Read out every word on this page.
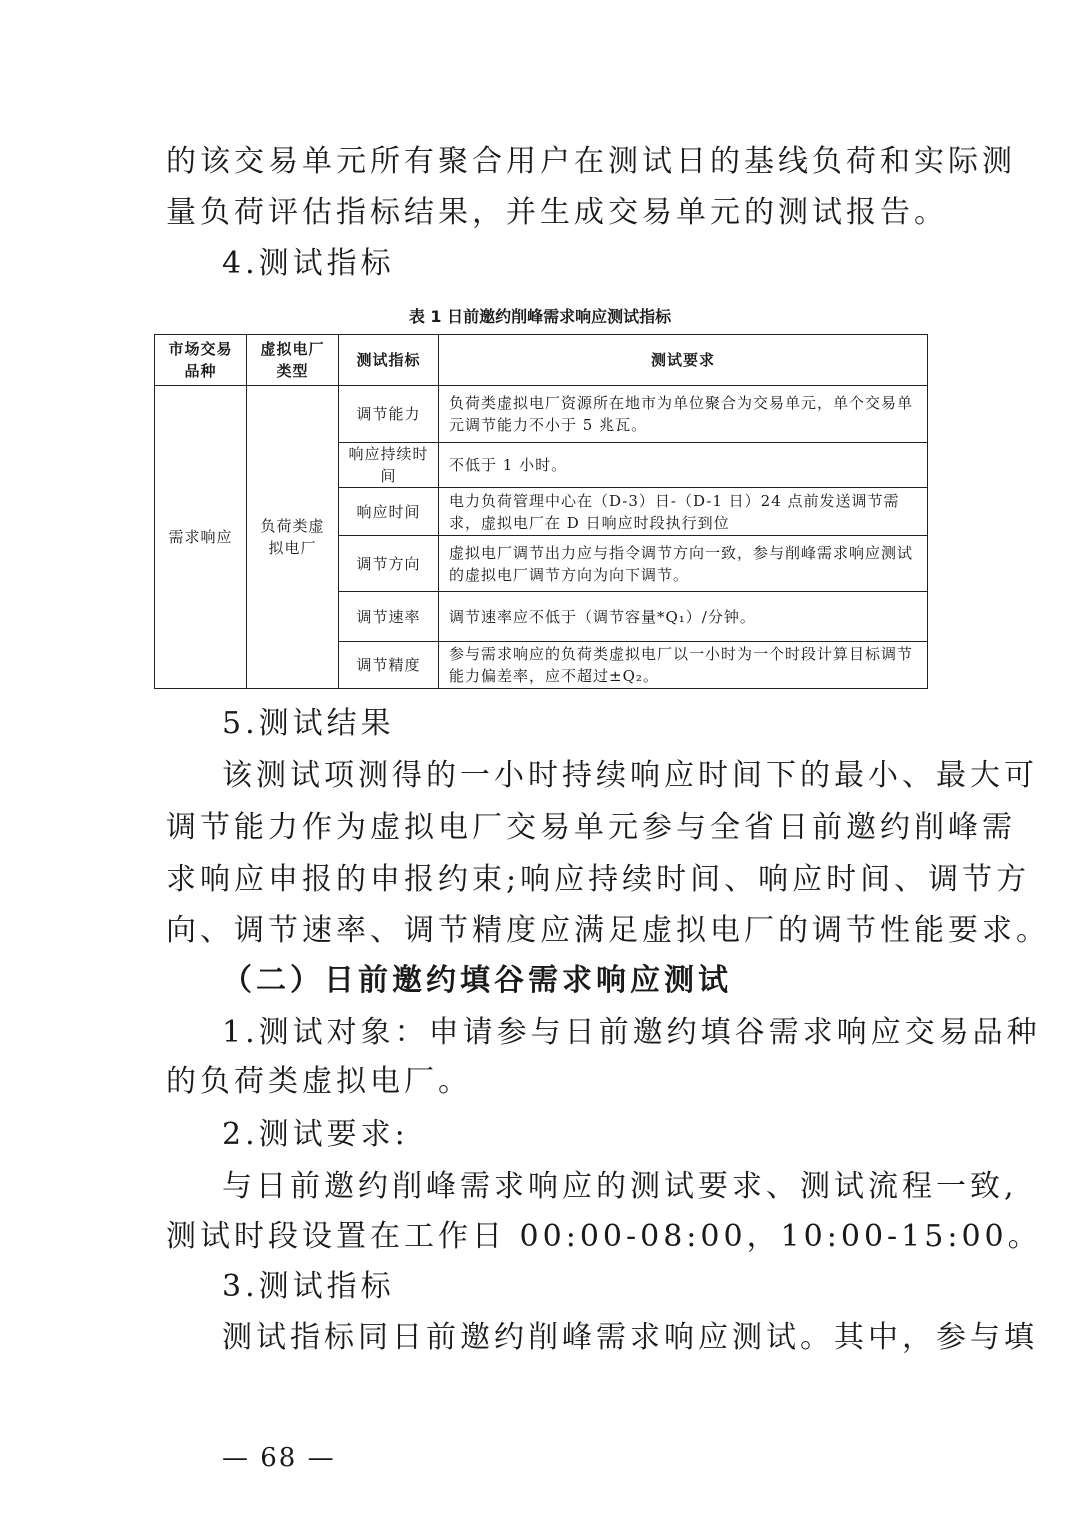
的该交易单元所有聚合用户在测试日的基线负荷和实际测
量负荷评估指标结果，并生成交易单元的测试报告。
4.测试指标
表 1 日前邀约削峰需求响应测试指标
市场交易品种	虚拟电厂类型	测试指标	测试要求
需求响应	负荷类虚拟电厂	调节能力	负荷类虚拟电厂资源所在地市为单位聚合为交易单元，单个交易单元调节能力不小于 5 兆瓦。
		响应持续时间	不低于 1 小时。
		响应时间	电力负荷管理中心在（D-3）日-（D-1 日）24 点前发送调节需求，虚拟电厂在 D 日响应时段执行到位
		调节方向	虚拟电厂调节出力应与指令调节方向一致，参与削峰需求响应测试的虚拟电厂调节方向为向下调节。
		调节速率	调节速率应不低于（调节容量*Q₁）/分钟。
		调节精度	参与需求响应的负荷类虚拟电厂以一小时为一个时段计算目标调节能力偏差率，应不超过±Q₂。
5.测试结果
该测试项测得的一小时持续响应时间下的最小、最大可
调节能力作为虚拟电厂交易单元参与全省日前邀约削峰需
求响应申报的申报约束;响应持续时间、响应时间、调节方
向、调节速率、调节精度应满足虚拟电厂的调节性能要求。
（二）日前邀约填谷需求响应测试
1.测试对象：申请参与日前邀约填谷需求响应交易品种
的负荷类虚拟电厂。
2.测试要求:
与日前邀约削峰需求响应的测试要求、测试流程一致,
测试时段设置在工作日 00:00-08:00，10:00-15:00。
3.测试指标
测试指标同日前邀约削峰需求响应测试。其中，参与填
— 68 —
